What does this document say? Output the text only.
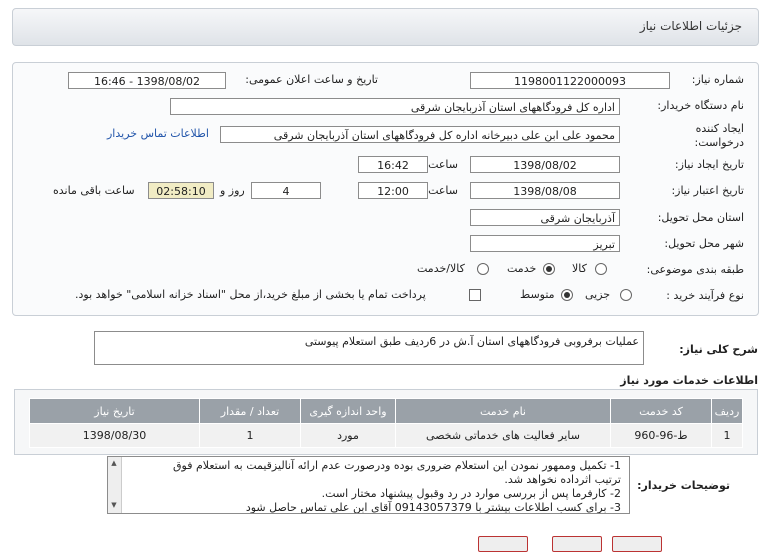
جزئیات اطلاعات نیاز
شماره نیاز:
1198001122000093
تاریخ و ساعت اعلان عمومی:
1398/08/02 - 16:46
نام دستگاه خریدار:
اداره کل فرودگاههای استان آذربایجان شرقی
ایجاد کننده
درخواست:
محمود علی ابن علی دبیرخانه اداره کل فرودگاههای استان آذربایجان شرقی
اطلاعات تماس خریدار
تاریخ ایجاد نیاز:
1398/08/02
ساعت
16:42
تاریخ اعتبار نیاز:
1398/08/08
ساعت
12:00
4
روز و
02:58:10
ساعت باقی مانده
استان محل تحویل:
آذربایجان شرقی
شهر محل تحویل:
تبریز
طبقه بندی موضوعی:
کالا
خدمت
کالا/خدمت
نوع فرآیند خرید :
جزیی
متوسط
پرداخت تمام یا بخشی از مبلغ خرید،از محل "اسناد خزانه اسلامی" خواهد بود.
شرح کلی نیاز:
عملیات برفروبی فرودگاههای استان آ.ش در 6ردیف طبق استعلام پیوستی
اطلاعات خدمات مورد نیاز
ردیف	کد خدمت	نام خدمت	واحد اندازه گیری	تعداد / مقدار	تاریخ نیاز
1	ط-96-960	سایر فعالیت های خدماتی شخصی	مورد	1	1398/08/30
توضیحات خریدار:
1- تکمیل وممهور نمودن این استعلام ضروری بوده ودرصورت عدم ارائه آنالیزقیمت به استعلام فوق
ترتیب اثرداده نخواهد شد.
2- کارفرما پس از بررسی موارد در رد وقبول پیشنهاد مختار است.
3- برای کسب اطلاعات بیشتر با 09143057379 آقای ابن علی تماس حاصل شود
▲
▼
